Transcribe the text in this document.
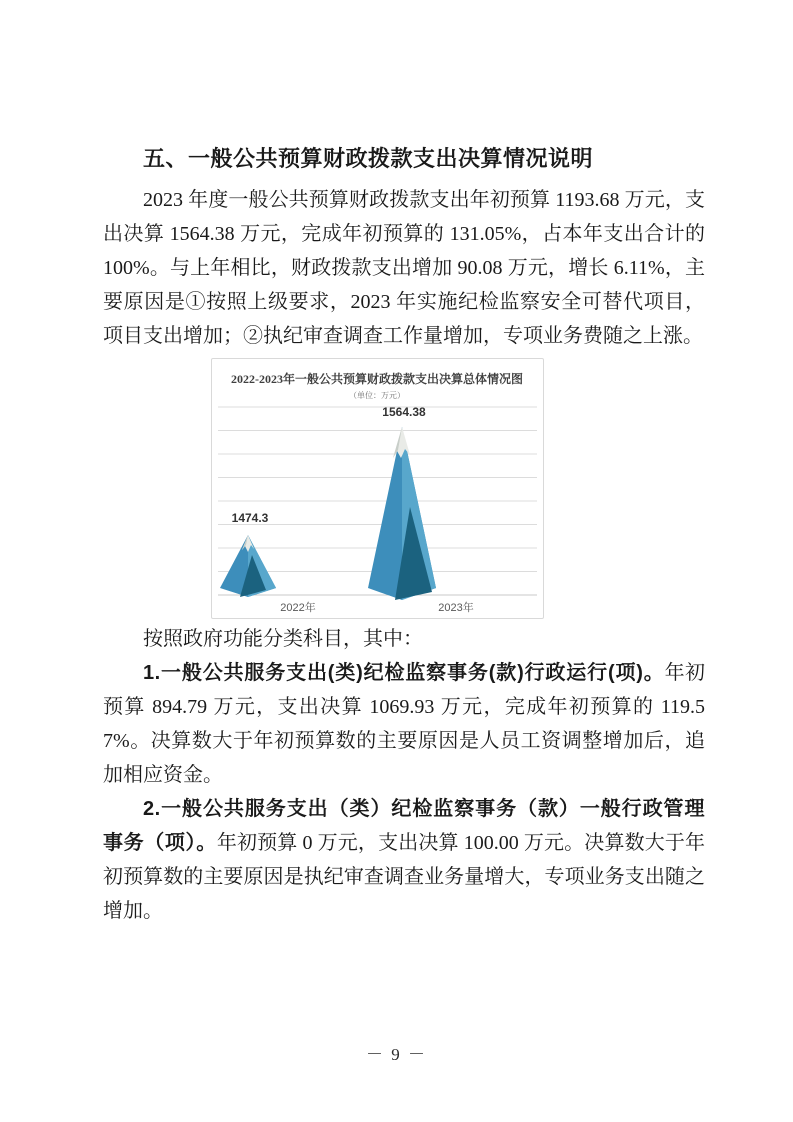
五、一般公共预算财政拨款支出决算情况说明

2023 年度一般公共预算财政拨款支出年初预算 1193.68 万元，支出决算 1564.38 万元，完成年初预算的 131.05%，占本年支出合计的 100%。与上年相比，财政拨款支出增加 90.08 万元，增长 6.11%，主要原因是①按照上级要求，2023 年实施纪检监察安全可替代项目，项目支出增加；②执纪审查调查工作量增加，专项业务费随之上涨。

2022-2023年一般公共预算财政拨款支出决算总体情况图
（单位：万元）
1474.3
1564.38
2022年	2023年

按照政府功能分类科目，其中：

1.一般公共服务支出(类)纪检监察事务(款)行政运行(项)。年初预算 894.79 万元，支出决算 1069.93 万元，完成年初预算的 119.57%。决算数大于年初预算数的主要原因是人员工资调整增加后，追加相应资金。

2.一般公共服务支出（类）纪检监察事务（款）一般行政管理事务（项）。年初预算 0 万元，支出决算 100.00 万元。决算数大于年初预算数的主要原因是执纪审查调查业务量增大，专项业务支出随之增加。

－ 9 －
